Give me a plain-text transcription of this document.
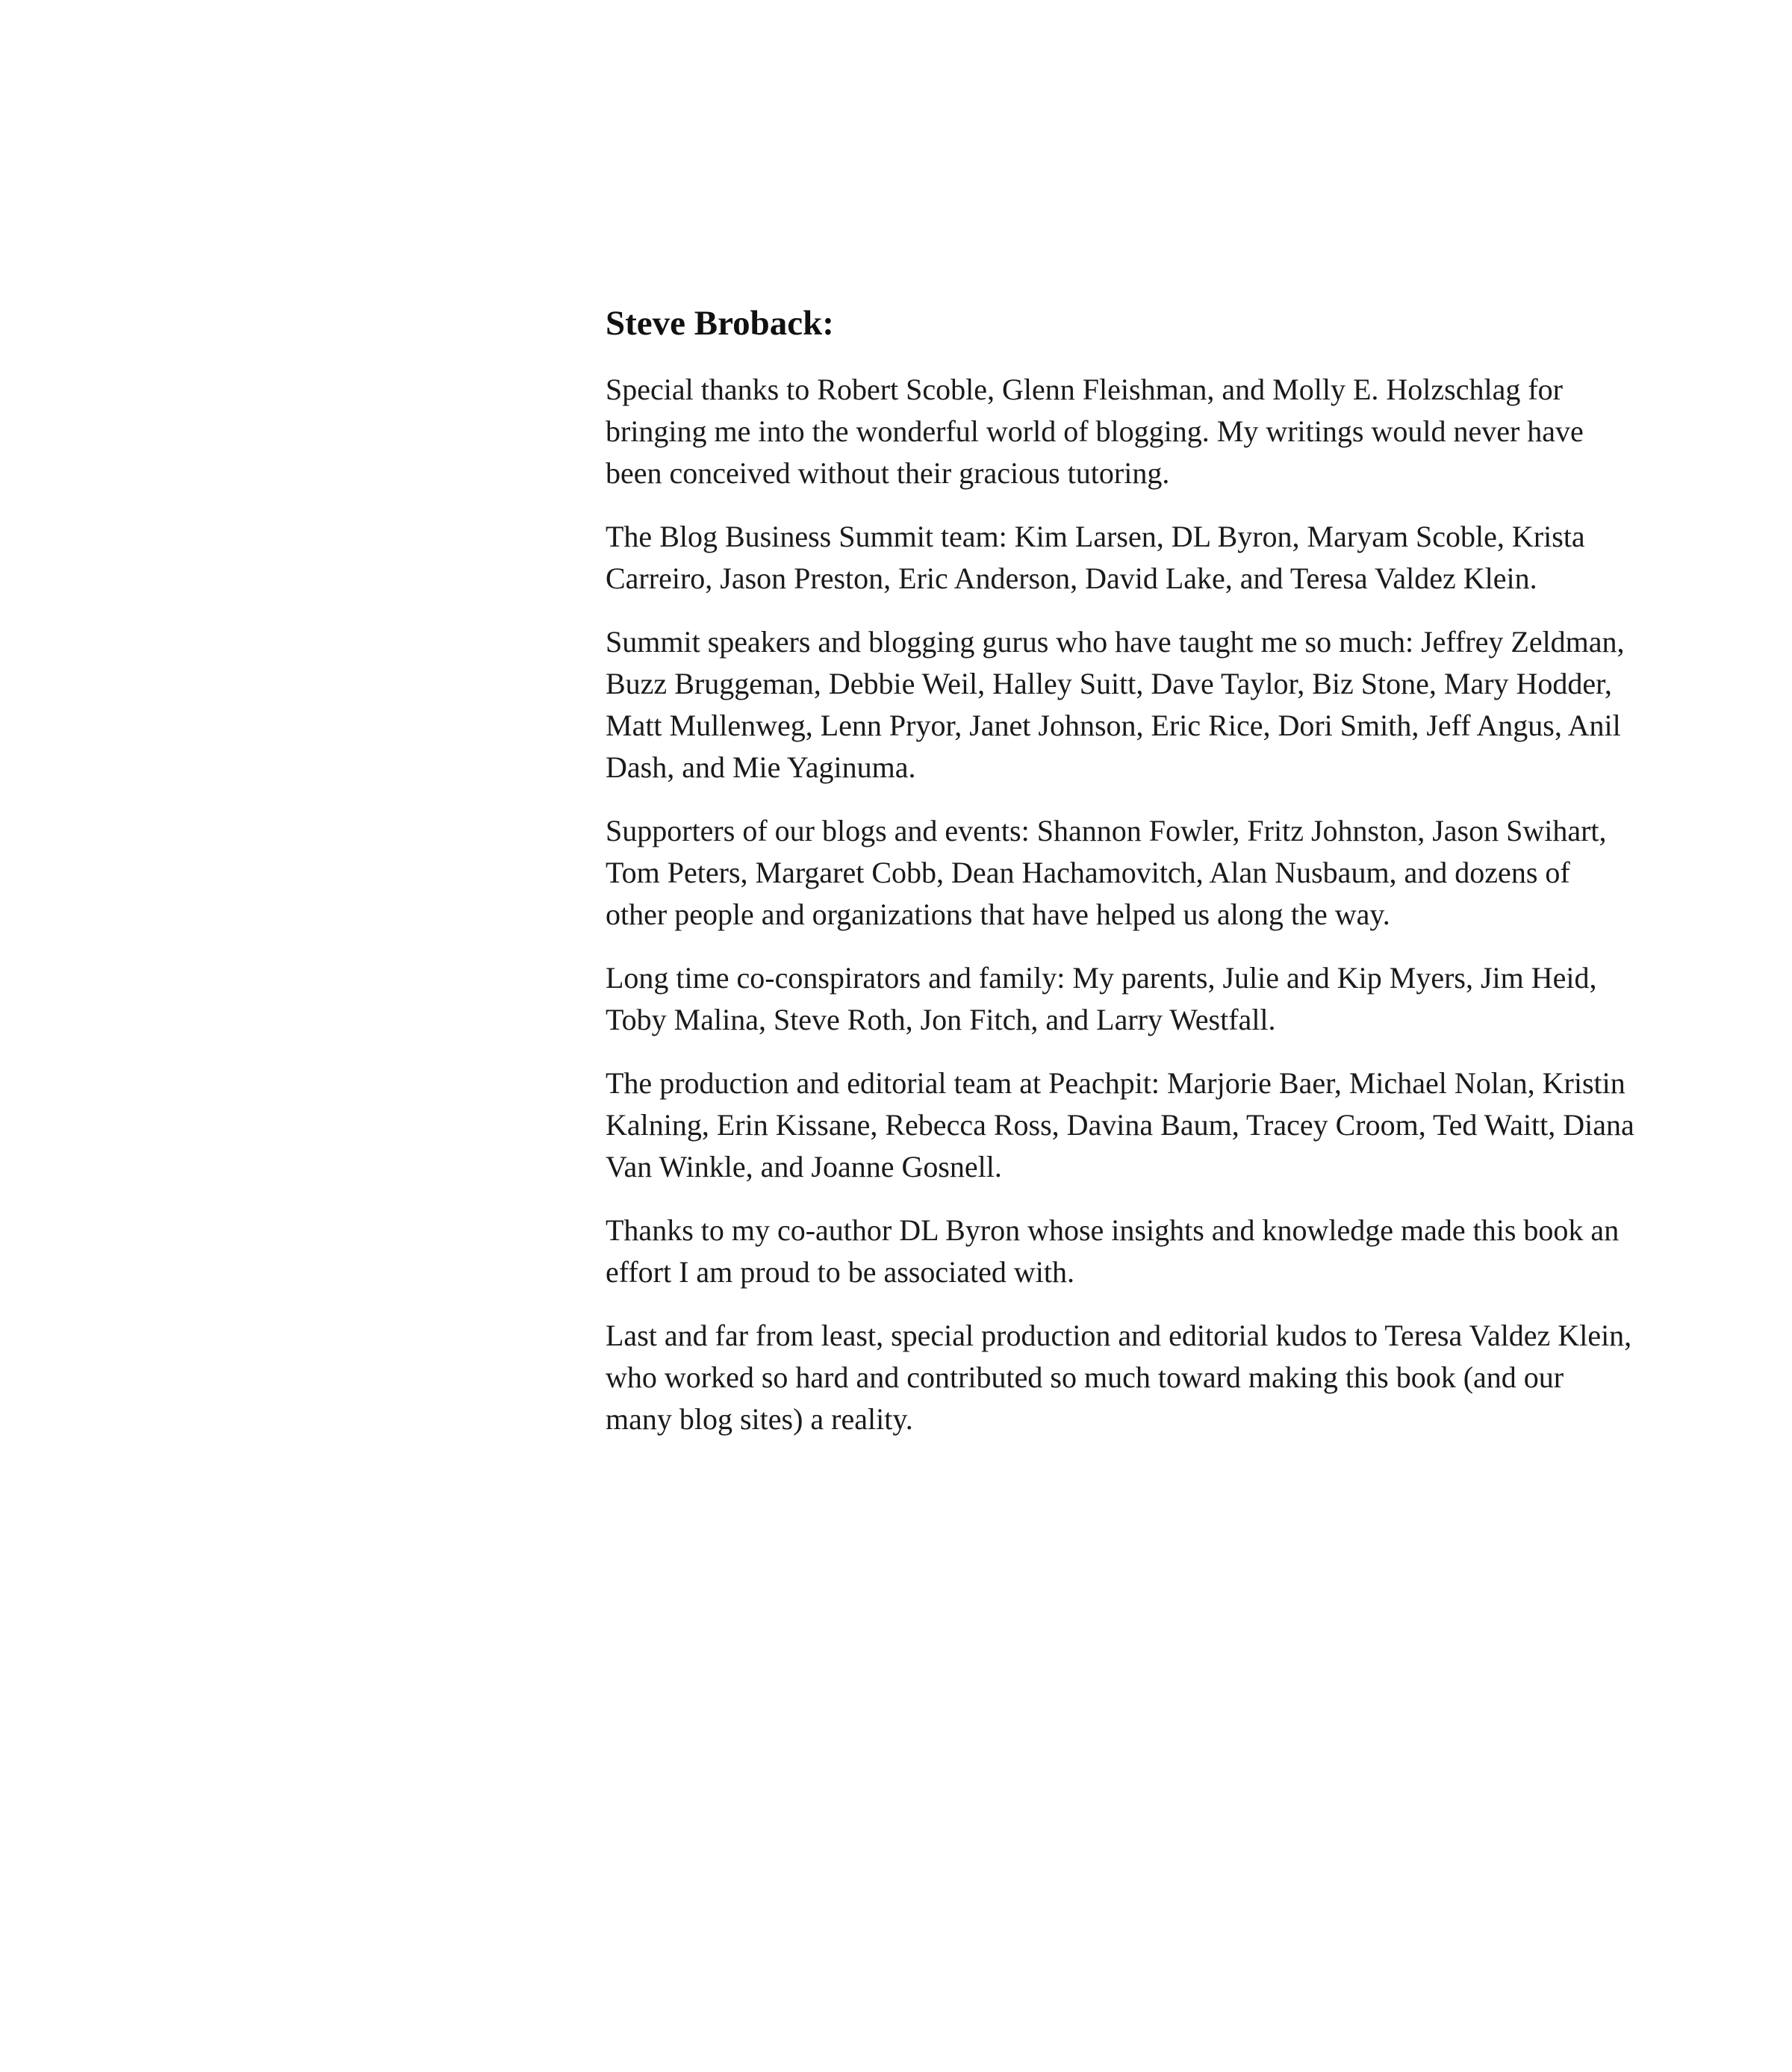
Steve Broback:

Special thanks to Robert Scoble, Glenn Fleishman, and Molly E. Holzschlag for bringing me into the wonderful world of blogging. My writings would never have been conceived without their gracious tutoring.

The Blog Business Summit team: Kim Larsen, DL Byron, Maryam Scoble, Krista Carreiro, Jason Preston, Eric Anderson, David Lake, and Teresa Valdez Klein.

Summit speakers and blogging gurus who have taught me so much: Jeffrey Zeldman, Buzz Bruggeman, Debbie Weil, Halley Suitt, Dave Taylor, Biz Stone, Mary Hodder, Matt Mullenweg, Lenn Pryor, Janet Johnson, Eric Rice, Dori Smith, Jeff Angus, Anil Dash, and Mie Yaginuma.

Supporters of our blogs and events: Shannon Fowler, Fritz Johnston, Jason Swihart, Tom Peters, Margaret Cobb, Dean Hachamovitch, Alan Nusbaum, and dozens of other people and organizations that have helped us along the way.

Long time co-conspirators and family: My parents, Julie and Kip Myers, Jim Heid, Toby Malina, Steve Roth, Jon Fitch, and Larry Westfall.

The production and editorial team at Peachpit: Marjorie Baer, Michael Nolan, Kristin Kalning, Erin Kissane, Rebecca Ross, Davina Baum, Tracey Croom, Ted Waitt, Diana Van Winkle, and Joanne Gosnell.

Thanks to my co-author DL Byron whose insights and knowledge made this book an effort I am proud to be associated with.

Last and far from least, special production and editorial kudos to Teresa Valdez Klein, who worked so hard and contributed so much toward making this book (and our many blog sites) a reality.
